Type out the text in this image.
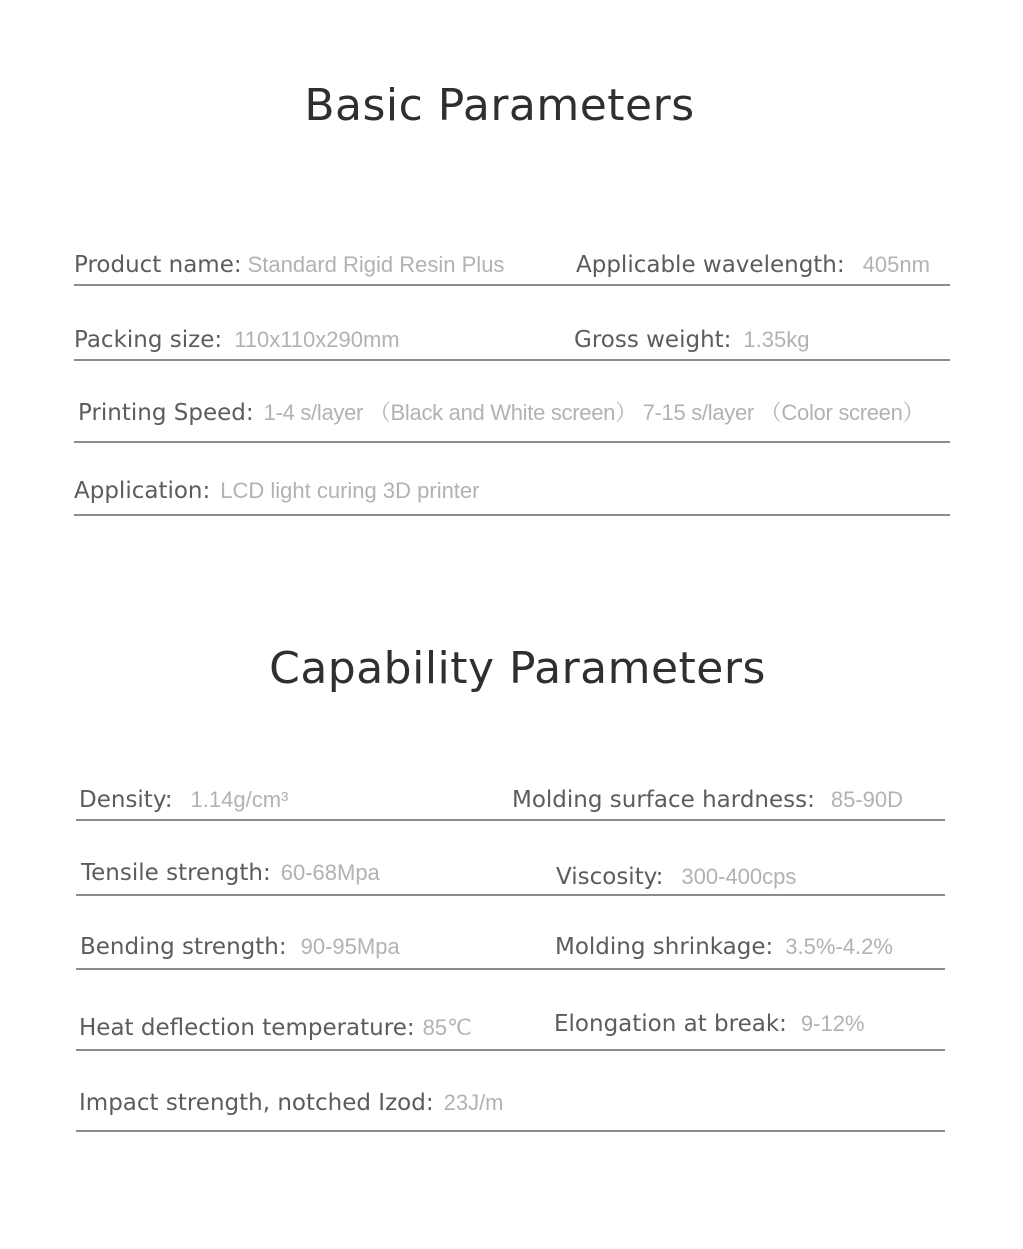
Basic Parameters
Product name: Standard Rigid Resin Plus	Applicable wavelength: 405nm
Packing size: 110x110x290mm	Gross weight: 1.35kg
Printing Speed: 1-4 s/layer （Black and White screen） 7-15 s/layer （Color screen）
Application: LCD light curing 3D printer
Capability Parameters
Density: 1.14g/cm³	Molding surface hardness: 85-90D
Tensile strength: 60-68Mpa	Viscosity: 300-400cps
Bending strength: 90-95Mpa	Molding shrinkage: 3.5%-4.2%
Heat deflection temperature: 85℃	Elongation at break: 9-12%
Impact strength, notched Izod: 23J/m
